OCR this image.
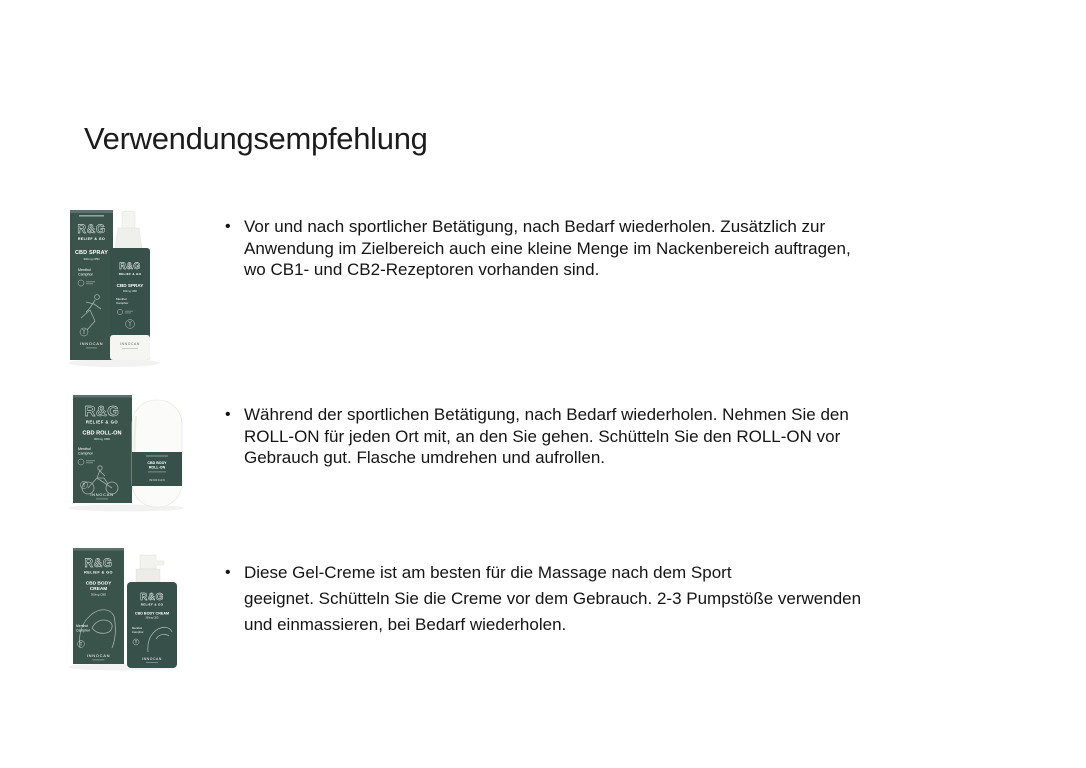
Verwendungsempfehlung
R&G
RELIEF & GO
CBD SPRAY
300mg CBD
Menthol
Camphor
INNOCAN
R&G
RELIEF & GO
CBD SPRAY
300mg CBD
Menthol
Camphor
INNOCAN
R&G
RELIEF & GO
CBD ROLL-ON
300mg CBD
Menthol
Camphor
INNOCAN
CBD BODY
ROLL-ON
INNOCAN
R&G
RELIEF & GO
CBD BODY
CREAM
300mg CBD
Menthol
Camphor
INNOCAN
R&G
RELIEF & GO
CBD BODY CREAM
300mg CBD
Menthol
Camphor
INNOCAN
• Vor und nach sportlicher Betätigung, nach Bedarf wiederholen. Zusätzlich zur
Anwendung im Zielbereich auch eine kleine Menge im Nackenbereich auftragen,
wo CB1- und CB2-Rezeptoren vorhanden sind.
• Während der sportlichen Betätigung, nach Bedarf wiederholen. Nehmen Sie den
ROLL-ON für jeden Ort mit, an den Sie gehen. Schütteln Sie den ROLL-ON vor
Gebrauch gut. Flasche umdrehen und aufrollen.
• Diese Gel-Creme ist am besten für die Massage nach dem Sport
geeignet. Schütteln Sie die Creme vor dem Gebrauch. 2-3 Pumpstöße verwenden
und einmassieren, bei Bedarf wiederholen.
